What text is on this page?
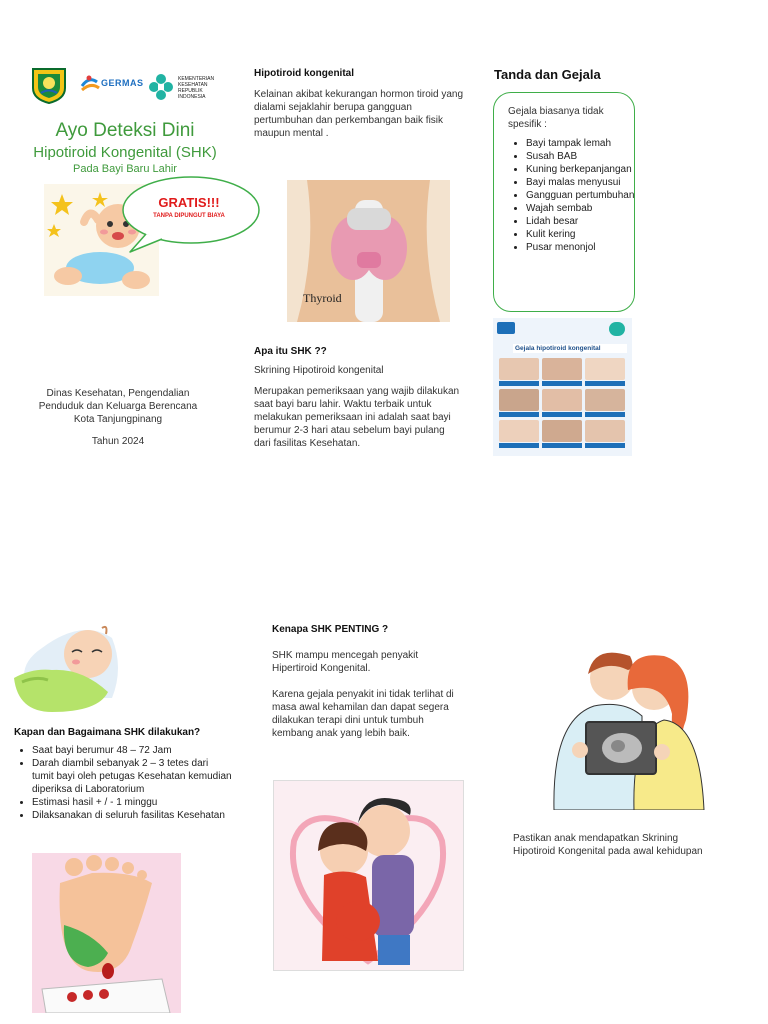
GERMAS	KEMENTERIAN KESEHATAN REPUBLIK INDONESIA
Ayo Deteksi Dini
Hipotiroid Kongenital (SHK)
Pada Bayi Baru Lahir
GRATIS!!!
TANPA DIPUNGUT BIAYA
Dinas Kesehatan, Pengendalian Penduduk dan Keluarga Berencana Kota Tanjungpinang
Tahun 2024
Hipotiroid kongenital
Kelainan akibat kekurangan hormon tiroid yang dialami sejaklahir berupa gangguan pertumbuhan dan perkembangan baik fisik maupun mental .
Thyroid
Apa itu SHK ??
Skrining Hipotiroid kongenital
Merupakan pemeriksaan yang wajib dilakukan saat bayi baru lahir. Waktu terbaik untuk melakukan pemeriksaan ini adalah saat bayi berumur 2-3 hari atau sebelum bayi pulang dari fasilitas Kesehatan.
Tanda dan Gejala
Gejala biasanya tidak spesifik :
• Bayi tampak lemah
• Susah BAB
• Kuning berkepanjangan
• Bayi malas menyusui
• Gangguan pertumbuhan
• Wajah sembab
• Lidah besar
• Kulit kering
• Pusar menonjol
Gejala hipotiroid kongenital
Kapan dan Bagaimana SHK dilakukan?
• Saat bayi berumur 48 – 72 Jam
• Darah diambil sebanyak 2 – 3 tetes dari tumit bayi oleh petugas Kesehatan kemudian diperiksa di Laboratorium
• Estimasi hasil + / - 1 minggu
• Dilaksanakan di seluruh fasilitas Kesehatan
Kenapa SHK PENTING ?
SHK mampu mencegah penyakit Hipertiroid Kongenital.
Karena gejala penyakit ini tidak terlihat di masa awal kehamilan dan dapat segera dilakukan terapi dini untuk tumbuh kembang anak yang lebih baik.
Pastikan anak mendapatkan Skrining Hipotiroid Kongenital pada awal kehidupan
